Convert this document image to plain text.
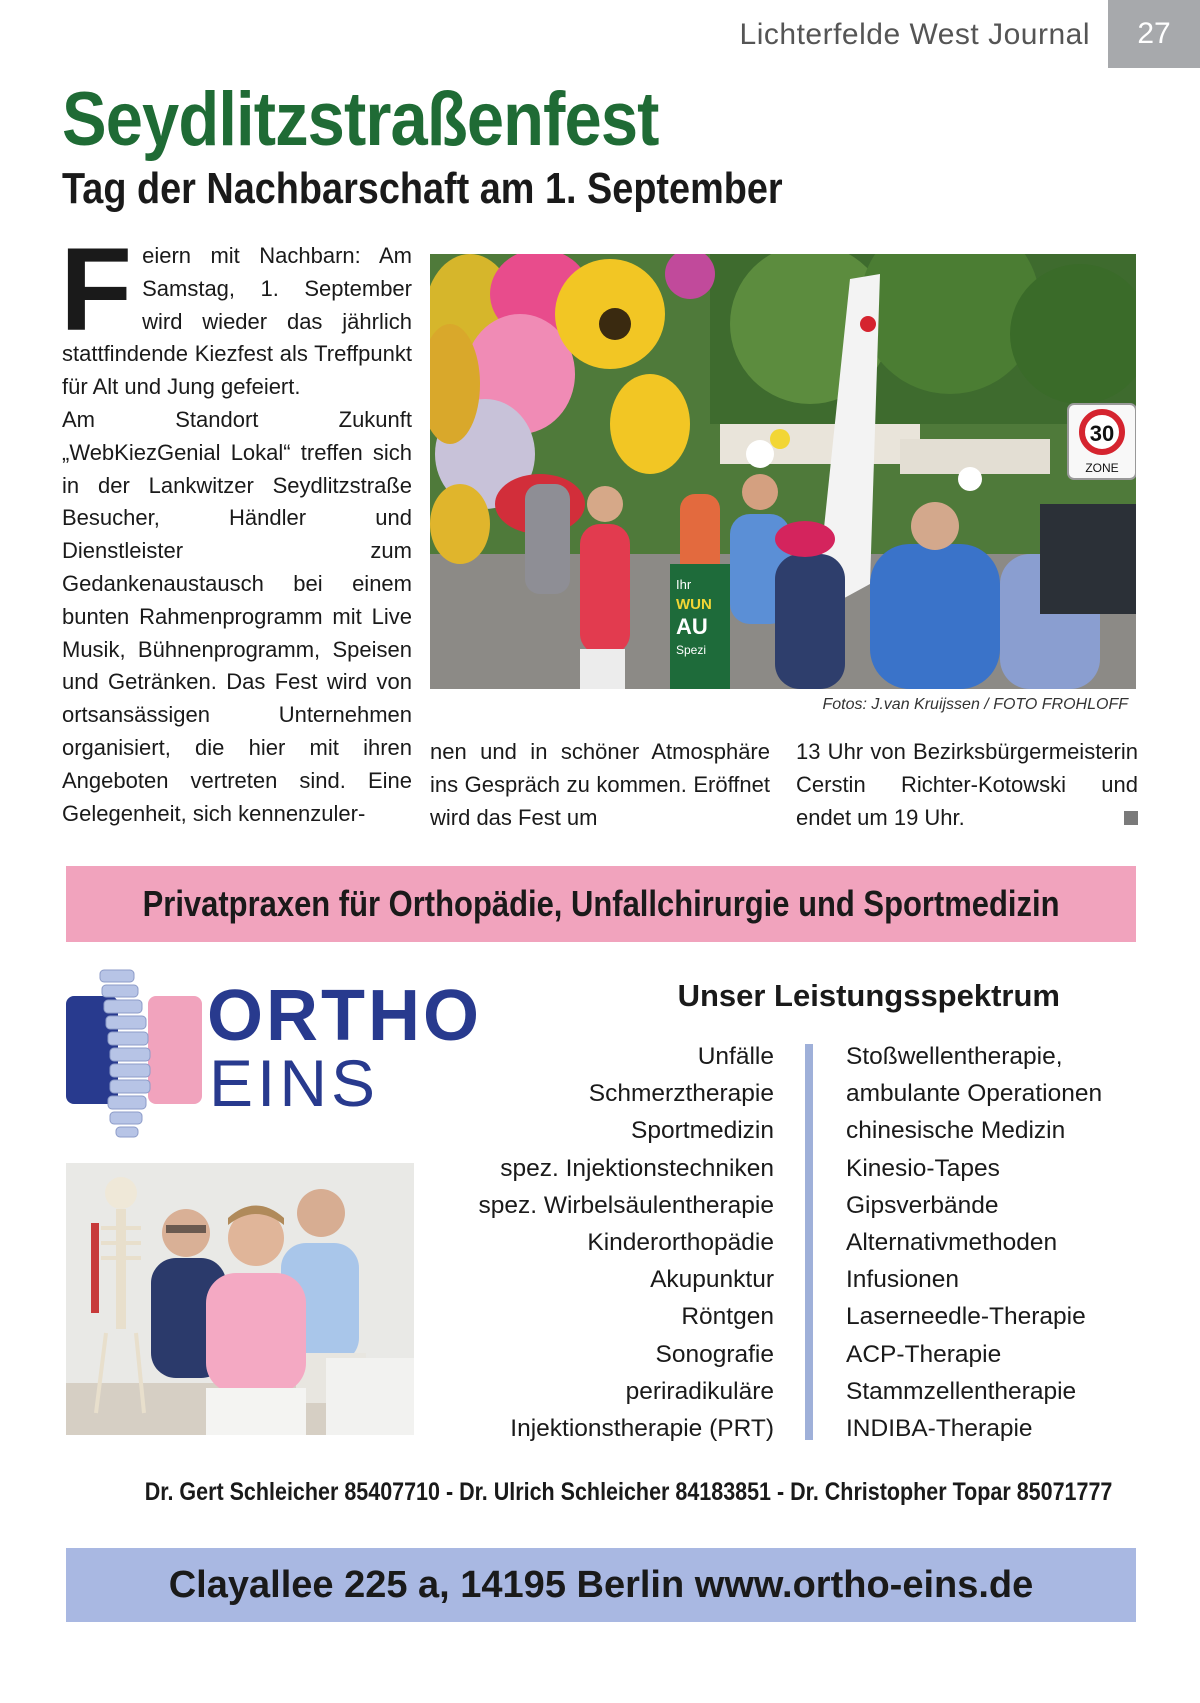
Lichterfelde West Journal	27
Seydlitzstraßenfest
Tag der Nachbarschaft am 1. September
F eiern mit Nachbarn: Am Samstag, 1. September wird wieder das jährlich stattfindende Kiezfest als Treffpunkt für Alt und Jung gefeiert.

Am Standort Zukunft „WebKiezGenial Lokal“ treffen sich in der Lankwitzer Seydlitzstraße Besucher, Händler und Dienstleister zum Gedankenaustausch bei einem bunten Rahmenprogramm mit Live Musik, Bühnenprogramm, Speisen und Getränken. Das Fest wird von ortsansässigen Unternehmen organisiert, die hier mit ihren Angeboten vertreten sind. Eine Gelegenheit, sich kennenzuler-

30
ZONE
Ihr
WUN
AU
Spezi
Fotos: J.van Kruijssen / FOTO FROHLOFF
nen und in schöner Atmosphäre ins Gespräch zu kommen. Eröffnet wird das Fest um
13 Uhr von Bezirksbürgermeisterin Cerstin Richter-Kotowski und endet um 19 Uhr.
Privatpraxen für Orthopädie, Unfallchirurgie und Sportmedizin
ORTHO
EINS
Unser Leistungsspektrum
Unfälle
Schmerztherapie
Sportmedizin
spez. Injektionstechniken
spez. Wirbelsäulentherapie
Kinderorthopädie
Akupunktur
Röntgen
Sonografie
periradikuläre
Injektionstherapie (PRT)
Stoßwellentherapie,
ambulante Operationen
chinesische Medizin
Kinesio-Tapes
Gipsverbände
Alternativmethoden
Infusionen
Laserneedle-Therapie
ACP-Therapie
Stammzellentherapie
INDIBA-Therapie
Dr. Gert Schleicher 85407710 - Dr. Ulrich Schleicher 84183851 - Dr. Christopher Topar 85071777
Clayallee 225 a, 14195 Berlin www.ortho-eins.de
